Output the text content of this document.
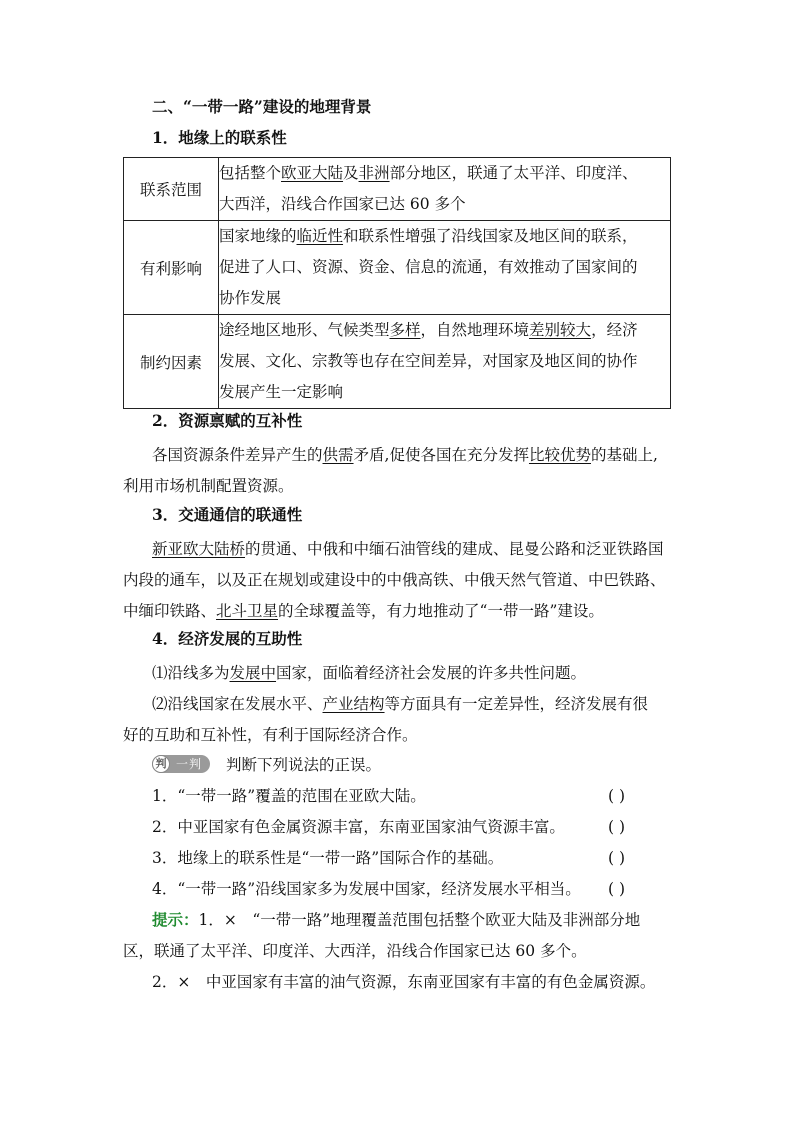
二、“一带一路”建设的地理背景
1．地缘上的联系性
联系范围	包括整个欧亚大陆及非洲部分地区，联通了太平洋、印度洋、
大西洋，沿线合作国家已达 60 多个

有利影响	国家地缘的临近性和联系性增强了沿线国家及地区间的联系，
促进了人口、资源、资金、信息的流通，有效推动了国家间的
协作发展

制约因素	途经地区地形、气候类型多样，自然地理环境差别较大，经济
发展、文化、宗教等也存在空间差异，对国家及地区间的协作
发展产生一定影响
2．资源禀赋的互补性
各国资源条件差异产生的供需矛盾,促使各国在充分发挥比较优势的基础上,
利用市场机制配置资源。
3．交通通信的联通性
新亚欧大陆桥的贯通、中俄和中缅石油管线的建成、昆曼公路和泛亚铁路国
内段的通车，以及正在规划或建设中的中俄高铁、中俄天然气管道、中巴铁路、
中缅印铁路、北斗卫星的全球覆盖等，有力地推动了“一带一路”建设。
4．经济发展的互助性
⑴沿线多为发展中国家，面临着经济社会发展的许多共性问题。
⑵沿线国家在发展水平、产业结构等方面具有一定差异性，经济发展有很
好的互助和互补性，有利于国际经济合作。
判 一判 判断下列说法的正误。
1．“一带一路”覆盖的范围在亚欧大陆。	( )
2．中亚国家有色金属资源丰富，东南亚国家油气资源丰富。	( )
3．地缘上的联系性是“一带一路”国际合作的基础。	( )
4．“一带一路”沿线国家多为发展中国家，经济发展水平相当。 ( )
提示：1．×　“一带一路”地理覆盖范围包括整个欧亚大陆及非洲部分地
区，联通了太平洋、印度洋、大西洋，沿线合作国家已达 60 多个。
2．×　中亚国家有丰富的油气资源，东南亚国家有丰富的有色金属资源。
